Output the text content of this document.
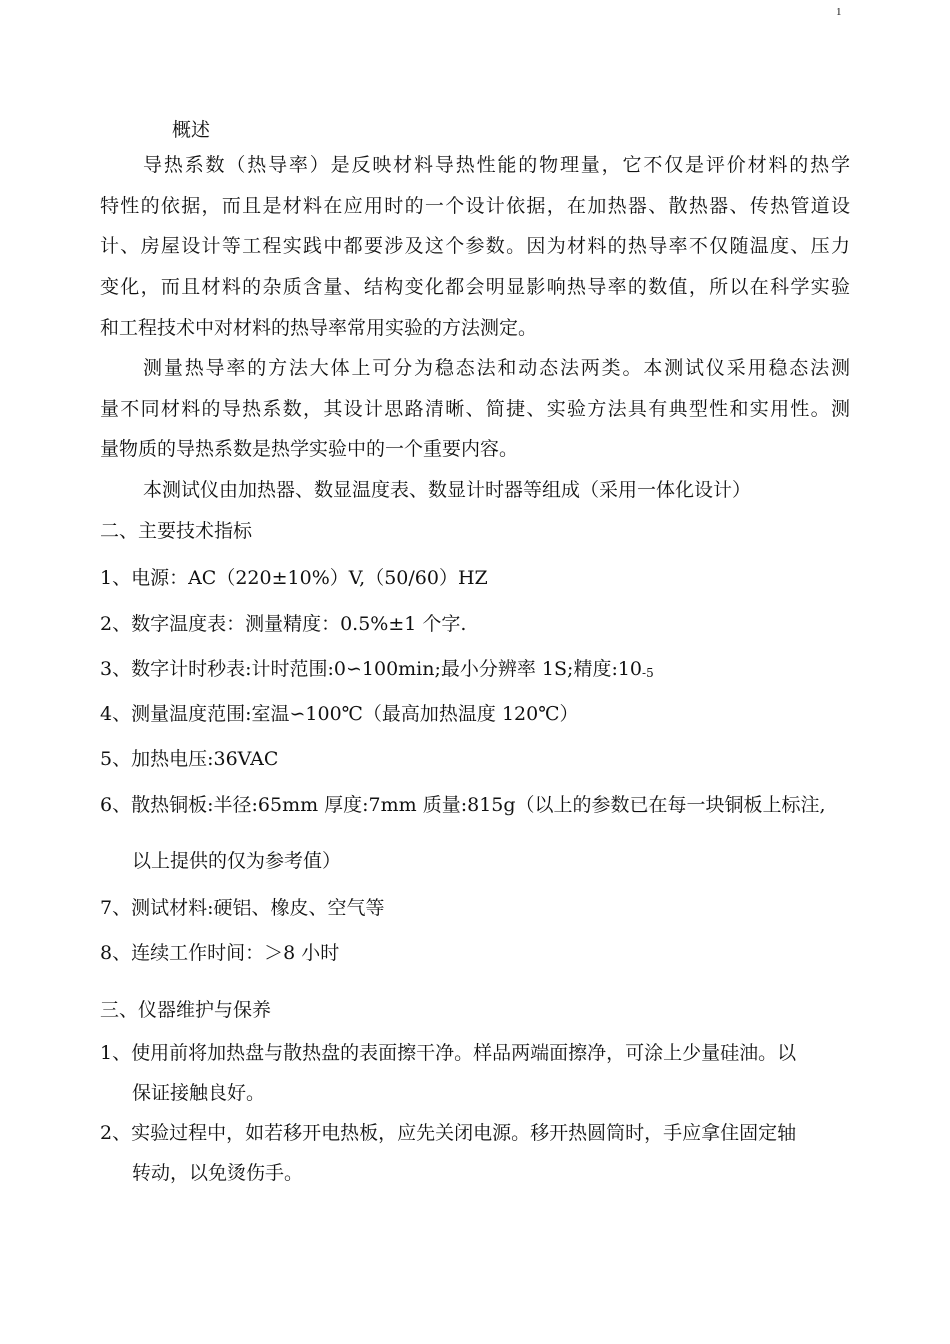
1
概述
导热系数（热导率）是反映材料导热性能的物理量，它不仅是评价材料的热学
特性的依据，而且是材料在应用时的一个设计依据，在加热器、散热器、传热管道设
计、房屋设计等工程实践中都要涉及这个参数。因为材料的热导率不仅随温度、压力
变化，而且材料的杂质含量、结构变化都会明显影响热导率的数值，所以在科学实验
和工程技术中对材料的热导率常用实验的方法测定。
测量热导率的方法大体上可分为稳态法和动态法两类。本测试仪采用稳态法测
量不同材料的导热系数，其设计思路清晰、简捷、实验方法具有典型性和实用性。测
量物质的导热系数是热学实验中的一个重要内容。
本测试仪由加热器、数显温度表、数显计时器等组成（采用一体化设计）
二、主要技术指标
1、电源：AC（220±10%）V,（50/60）HZ
2、数字温度表：测量精度：0.5%±1 个字.
3、数字计时秒表:计时范围:0∽100min;最小分辨率 1S;精度$:10_{-5}$
4、测量温度范围:室温∽100℃（最高加热温度 120℃）
5、加热电压:36VAC
6、散热铜板:半径:65mm 厚度:7mm 质量:815g（以上的参数已在每一块铜板上标注,
以上提供的仅为参考值）
7、测试材料:硬铝、橡皮、空气等
8、连续工作时间：＞8 小时
三、仪器维护与保养
1、使用前将加热盘与散热盘的表面擦干净。样品两端面擦净，可涂上少量硅油。以
保证接触良好。
2、实验过程中，如若移开电热板，应先关闭电源。移开热圆筒时，手应拿住固定轴
转动，以免烫伤手。
